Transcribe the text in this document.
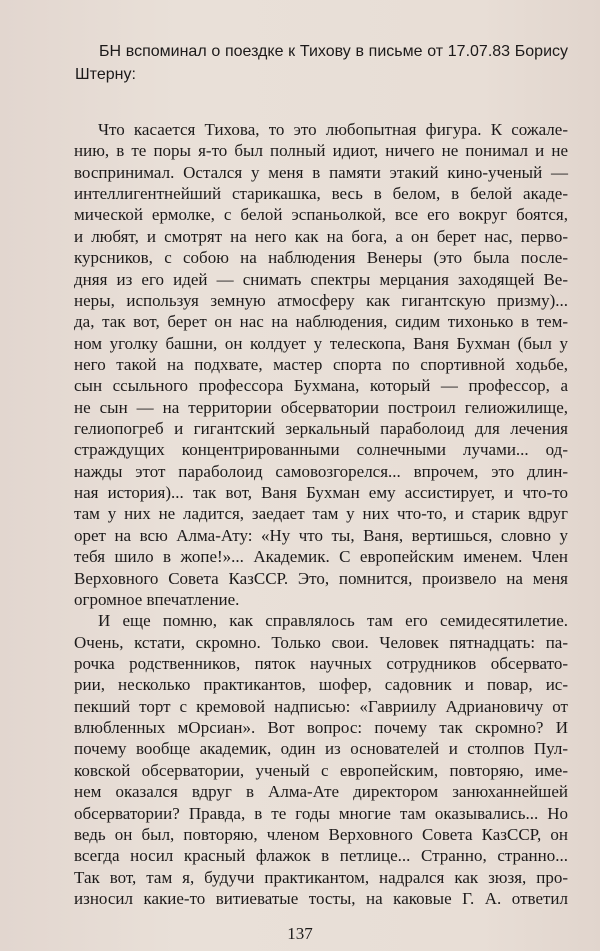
БН вспоминал о поездке к Тихову в письме от 17.07.83 Борису
Штерну:
Что касается Тихова, то это любопытная фигура. К сожале-
нию, в те поры я-то был полный идиот, ничего не понимал и не
воспринимал. Остался у меня в памяти этакий кино-ученый —
интеллигентнейший старикашка, весь в белом, в белой акаде-
мической ермолке, с белой эспаньолкой, все его вокруг боятся,
и любят, и смотрят на него как на бога, а он берет нас, перво-
курсников, с собою на наблюдения Венеры (это была после-
дняя из его идей — снимать спектры мерцания заходящей Ве-
неры, используя земную атмосферу как гигантскую призму)...
да, так вот, берет он нас на наблюдения, сидим тихонько в тем-
ном уголку башни, он колдует у телескопа, Ваня Бухман (был у
него такой на подхвате, мастер спорта по спортивной ходьбе,
сын ссыльного профессора Бухмана, который — профессор, а
не сын — на территории обсерватории построил гелиожилище,
гелиопогреб и гигантский зеркальный параболоид для лечения
страждущих концентрированными солнечными лучами... од-
нажды этот параболоид самовозгорелся... впрочем, это длин-
ная история)... так вот, Ваня Бухман ему ассистирует, и что-то
там у них не ладится, заедает там у них что-то, и старик вдруг
орет на всю Алма-Ату: «Ну что ты, Ваня, вертишься, словно у
тебя шило в жопе!»... Академик. С европейским именем. Член
Верховного Совета КазССР. Это, помнится, произвело на меня
огромное впечатление.
И еще помню, как справлялось там его семидесятилетие.
Очень, кстати, скромно. Только свои. Человек пятнадцать: па-
рочка родственников, пяток научных сотрудников обсервато-
рии, несколько практикантов, шофер, садовник и повар, ис-
пекший торт с кремовой надписью: «Гавриилу Адриановичу от
влюбленных мОрсиан». Вот вопрос: почему так скромно? И
почему вообще академик, один из основателей и столпов Пул-
ковской обсерватории, ученый с европейским, повторяю, име-
нем оказался вдруг в Алма-Ате директором занюханнейшей
обсерватории? Правда, в те годы многие там оказывались... Но
ведь он был, повторяю, членом Верховного Совета КазССР, он
всегда носил красный флажок в петлице... Странно, странно...
Так вот, там я, будучи практикантом, надрался как зюзя, про-
износил какие-то витиеватые тосты, на каковые Г. А. ответил
137
